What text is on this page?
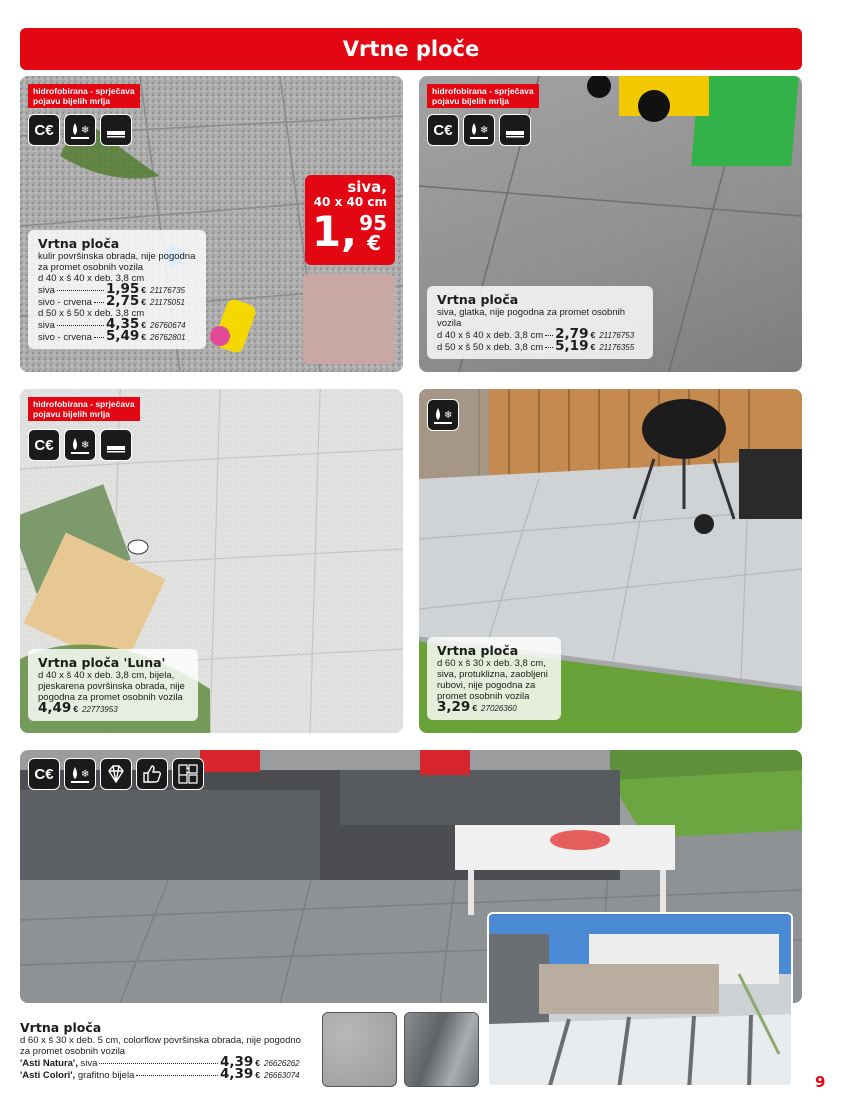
Vrtne ploče
hidrofobirana - sprječava
pojavu bijelih mrlja
C€	❄
Vrtna ploča
kulir površinska obrada, nije pogodna za promet osobnih vozila
d 40 x š 40 x deb. 3,8 cm
siva	1,95 € 21176735
sivo - crvena 2,75 € 21175051
d 50 x š 50 x deb. 3,8 cm
siva	4,35 € 26760674
sivo - crvena 5,49 € 26762801
siva,
40 x 40 cm
1, 95
€
hidrofobirana - sprječava
pojavu bijelih mrlja
C€	❄
Vrtna ploča
siva, glatka, nije pogodna za promet osobnih vozila
d 40 x š 40 x deb. 3,8 cm 2,79 € 21176753
d 50 x š 50 x deb. 3,8 cm 5,19 € 21176355
hidrofobirana - sprječava
pojavu bijelih mrlja
C€	❄
Vrtna ploča 'Luna'
d 40 x š 40 x deb. 3,8 cm, bijela, pjeskarena površinska obrada, nije pogodna za promet osobnih vozila
4,49 € 22773953
❄
Vrtna ploča
d 60 x š 30 x deb. 3,8 cm, siva, protuklizna, zaobljeni rubovi, nije pogodna za promet osobnih vozila
3,29 € 27026360
C€	❄
Vrtna ploča
d 60 x š 30 x deb. 5 cm, colorflow površinska obrada, nije pogodno za promet osobnih vozila
'Asti Natura', siva	4,39 € 26626262
'Asti Colori', grafitno bijela	4,39 € 26663074	9
